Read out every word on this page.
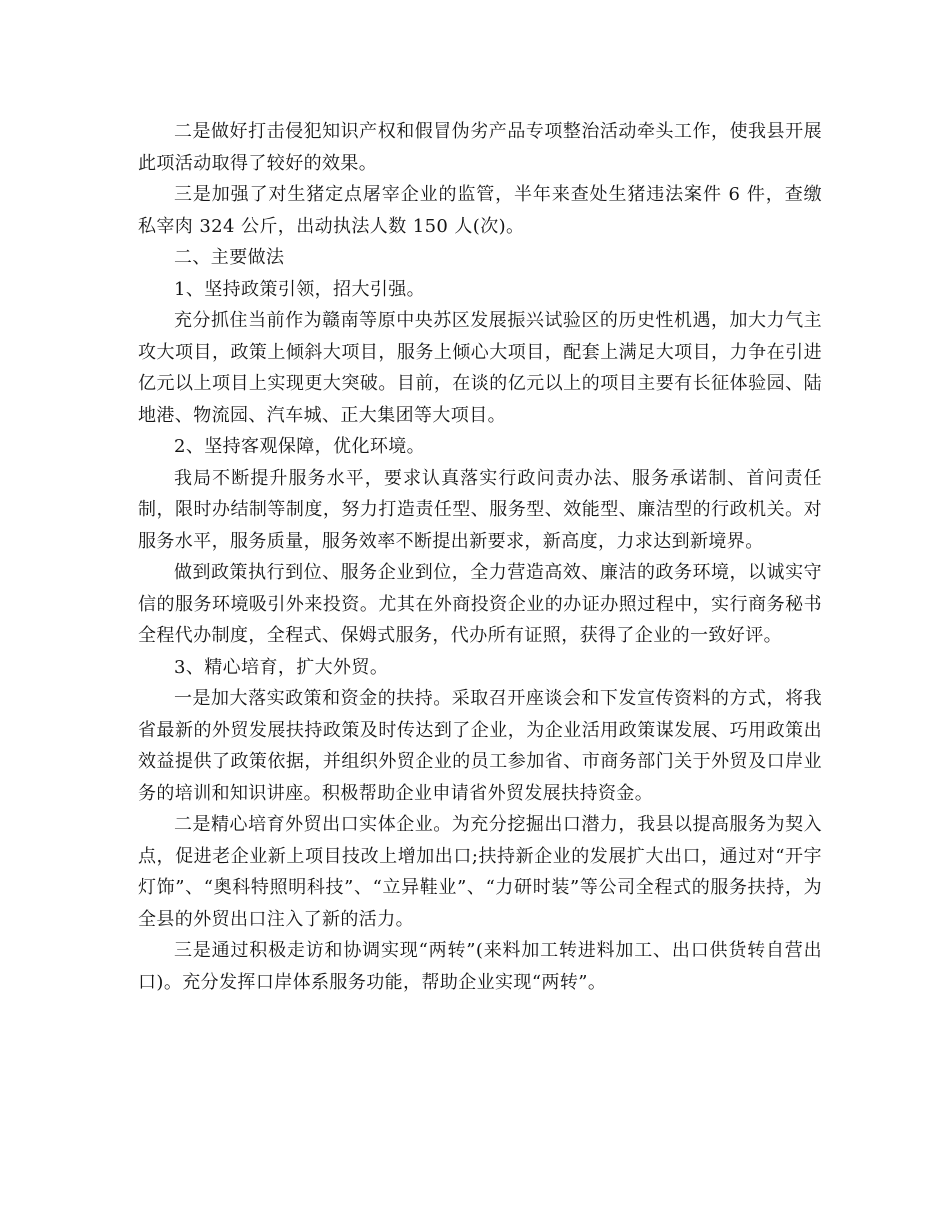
二是做好打击侵犯知识产权和假冒伪劣产品专项整治活动牵头工作，使我县开展此项活动取得了较好的效果。

三是加强了对生猪定点屠宰企业的监管，半年来查处生猪违法案件 6 件，查缴私宰肉 324 公斤，出动执法人数 150 人(次)。

二、主要做法

1、坚持政策引领，招大引强。

充分抓住当前作为赣南等原中央苏区发展振兴试验区的历史性机遇，加大力气主攻大项目，政策上倾斜大项目，服务上倾心大项目，配套上满足大项目，力争在引进亿元以上项目上实现更大突破。目前，在谈的亿元以上的项目主要有长征体验园、陆地港、物流园、汽车城、正大集团等大项目。

2、坚持客观保障，优化环境。

我局不断提升服务水平，要求认真落实行政问责办法、服务承诺制、首问责任制，限时办结制等制度，努力打造责任型、服务型、效能型、廉洁型的行政机关。对服务水平，服务质量，服务效率不断提出新要求，新高度，力求达到新境界。

做到政策执行到位、服务企业到位，全力营造高效、廉洁的政务环境，以诚实守信的服务环境吸引外来投资。尤其在外商投资企业的办证办照过程中，实行商务秘书全程代办制度，全程式、保姆式服务，代办所有证照，获得了企业的一致好评。

3、精心培育，扩大外贸。

一是加大落实政策和资金的扶持。采取召开座谈会和下发宣传资料的方式，将我省最新的外贸发展扶持政策及时传达到了企业，为企业活用政策谋发展、巧用政策出效益提供了政策依据，并组织外贸企业的员工参加省、市商务部门关于外贸及口岸业务的培训和知识讲座。积极帮助企业申请省外贸发展扶持资金。

二是精心培育外贸出口实体企业。为充分挖掘出口潜力，我县以提高服务为契入点，促进老企业新上项目技改上增加出口;扶持新企业的发展扩大出口，通过对“开宇灯饰”、“奥科特照明科技”、“立异鞋业”、“力研时装”等公司全程式的服务扶持，为全县的外贸出口注入了新的活力。

三是通过积极走访和协调实现“两转”(来料加工转进料加工、出口供货转自营出口)。充分发挥口岸体系服务功能，帮助企业实现“两转”。
